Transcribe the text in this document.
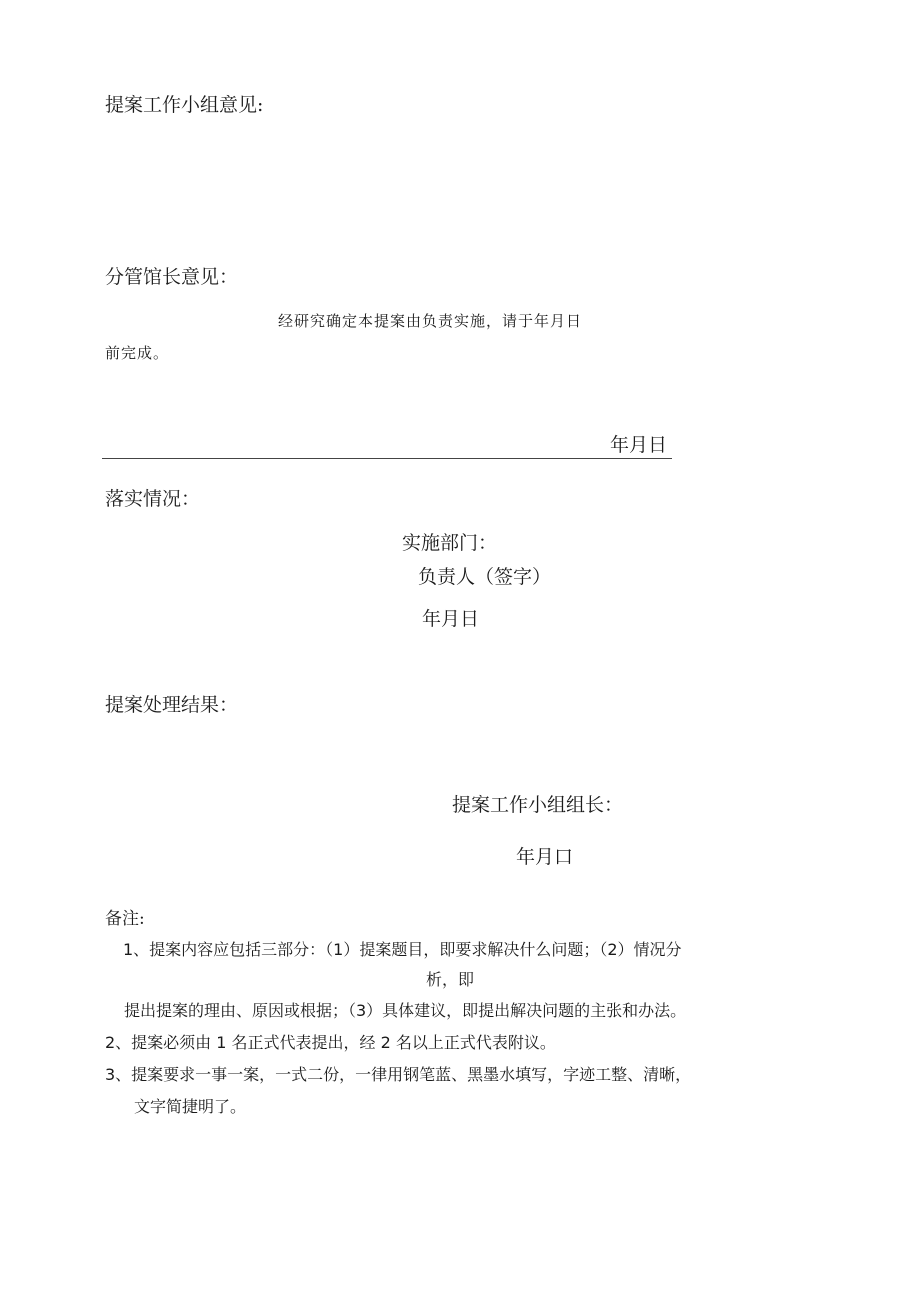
提案工作小组意见:
分管馆长意见：
经研究确定本提案由负责实施，请于年月日
前完成。
年月日
落实情况：
实施部门：
负责人（签字）
年月日
提案处理结果：
提案工作小组组长：
年月口
备注:
1、提案内容应包括三部分：（1）提案题目，即要求解决什么问题；（2）情况分
析，即
提出提案的理由、原因或根据；（3）具体建议，即提出解决问题的主张和办法。
2、提案必须由 1 名正式代表提出，经 2 名以上正式代表附议。
3、提案要求一事一案，一式二份，一律用钢笔蓝、黑墨水填写，字迹工整、清晰，
文字简捷明了。
